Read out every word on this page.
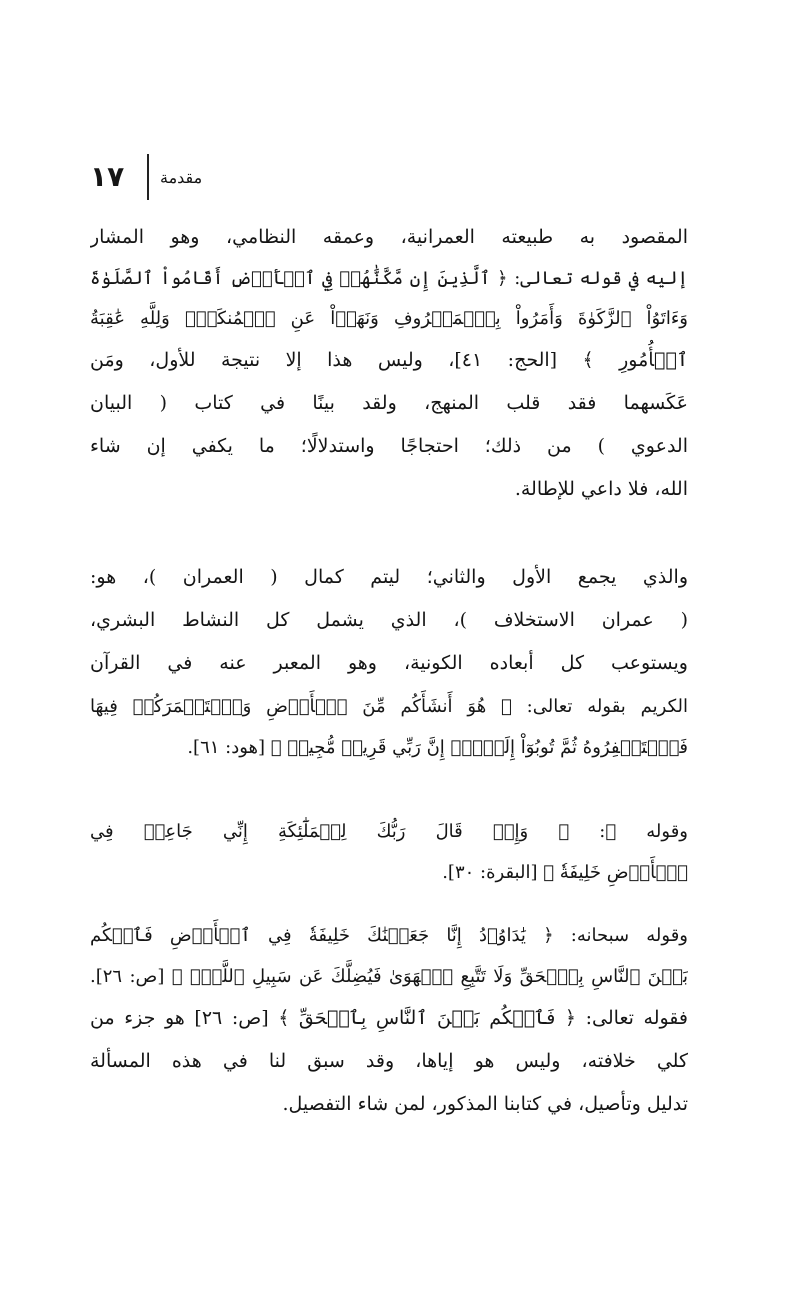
١٧ مقدمة
المقصود به طبيعته العمرانية، وعمقه النظامي، وهو المشار
إليه في قوله تعالى: ﴿ ٱلَّذِينَ إِن مَّكَّنَّٰهُمۡ فِي ٱلۡأَرۡضِ أَقَامُواْ ٱلصَّلَوٰةَ
وَءَاتَوُاْ ٱلزَّكَوٰةَ وَأَمَرُواْ بِٱلۡمَعۡرُوفِ وَنَهَوۡاْ عَنِ ٱلۡمُنكَرِۗ وَلِلَّهِ عَٰقِبَةُ
ٱلۡأُمُورِ ﴾ [الحج: ٤١]، وليس هذا إلا نتيجة للأول، ومَن
عَكَسهما فقد قلب المنهج، ولقد بينًا في كتاب ( البيان
الدعوي ) من ذلك؛ احتجاجًا واستدلالًا؛ ما يكفي إن شاء
الله، فلا داعي للإطالة.
والذي يجمع الأول والثاني؛ ليتم كمال ( العمران )، هو:
( عمران الاستخلاف )، الذي يشمل كل النشاط البشري،
ويستوعب كل أبعاده الكونية، وهو المعبر عنه في القرآن
الكريم بقوله تعالى: ﴿ هُوَ أَنشَأَكُم مِّنَ ٱلۡأَرۡضِ وَٱسۡتَعۡمَرَكُمۡ فِيهَا
فَٱسۡتَغۡفِرُوهُ ثُمَّ تُوبُوٓاْ إِلَيۡهِۚ إِنَّ رَبِّي قَرِيبٞ مُّجِيبٞ ﴾ [هود: ٦١].
وقوله ﷻ: ﴿ وَإِذۡ قَالَ رَبُّكَ لِلۡمَلَٰٓئِكَةِ إِنِّي جَاعِلٞ فِي
ٱلۡأَرۡضِ خَلِيفَةٗ ﴾ [البقرة: ٣٠].
وقوله سبحانه: ﴿ يَٰدَاوُۥدُ إِنَّا جَعَلۡنَٰكَ خَلِيفَةٗ فِي ٱلۡأَرۡضِ فَٱحۡكُم
بَيۡنَ ٱلنَّاسِ بِٱلۡحَقِّ وَلَا تَتَّبِعِ ٱلۡهَوَىٰ فَيُضِلَّكَ عَن سَبِيلِ ٱللَّهِۚ ﴾ [ص: ٢٦].
فقوله تعالى: ﴿ فَٱحۡكُم بَيۡنَ ٱلنَّاسِ بِٱلۡحَقِّ ﴾ [ص: ٢٦] هو جزء من
كلي خلافته، وليس هو إياها، وقد سبق لنا في هذه المسألة
تدليل وتأصيل، في كتابنا المذكور، لمن شاء التفصيل.
